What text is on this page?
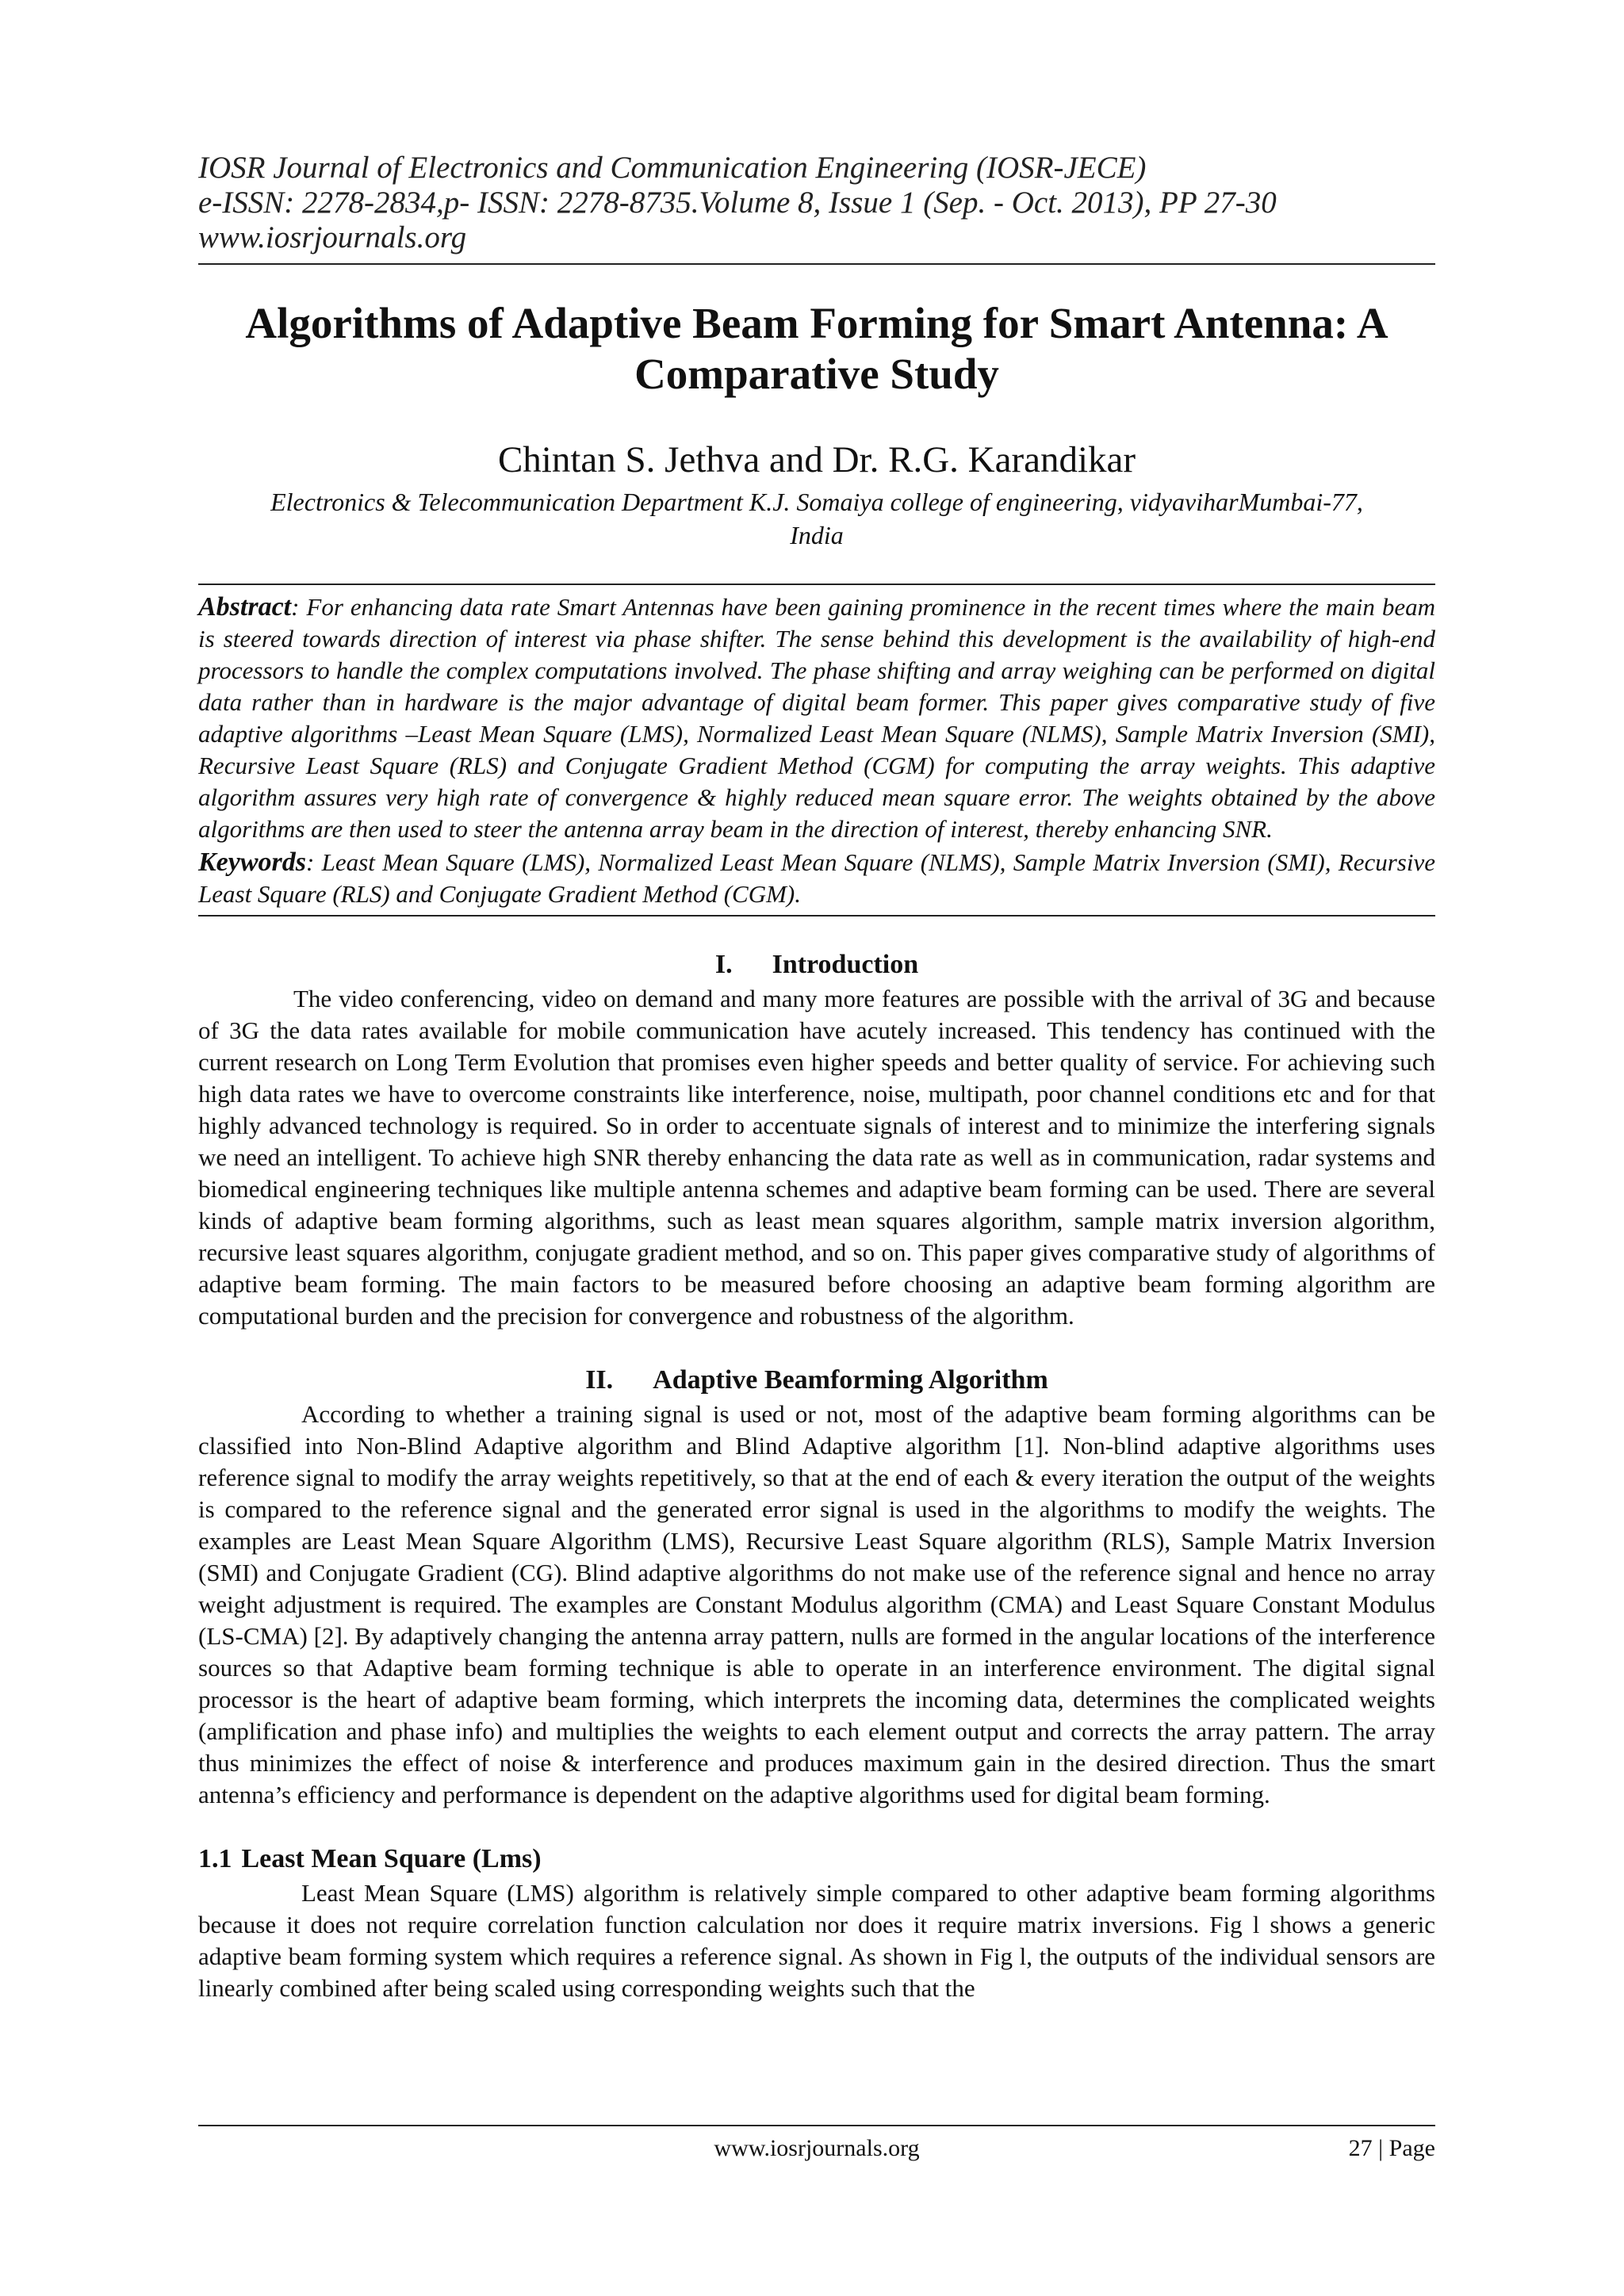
IOSR Journal of Electronics and Communication Engineering (IOSR-JECE)
e-ISSN: 2278-2834,p- ISSN: 2278-8735.Volume 8, Issue 1 (Sep. - Oct. 2013), PP 27-30
www.iosrjournals.org
Algorithms of Adaptive Beam Forming for Smart Antenna: A
Comparative Study
Chintan S. Jethva and Dr. R.G. Karandikar
Electronics & Telecommunication Department K.J. Somaiya college of engineering, vidyaviharMumbai-77,
India
Abstract: For enhancing data rate Smart Antennas have been gaining prominence in the recent times where the main beam is steered towards direction of interest via phase shifter. The sense behind this development is the availability of high-end processors to handle the complex computations involved. The phase shifting and array weighing can be performed on digital data rather than in hardware is the major advantage of digital beam former. This paper gives comparative study of five adaptive algorithms –Least Mean Square (LMS), Normalized Least Mean Square (NLMS), Sample Matrix Inversion (SMI), Recursive Least Square (RLS) and Conjugate Gradient Method (CGM) for computing the array weights. This adaptive algorithm assures very high rate of convergence & highly reduced mean square error. The weights obtained by the above algorithms are then used to steer the antenna array beam in the direction of interest, thereby enhancing SNR.
Keywords: Least Mean Square (LMS), Normalized Least Mean Square (NLMS), Sample Matrix Inversion (SMI), Recursive Least Square (RLS) and Conjugate Gradient Method (CGM).
I. Introduction

The video conferencing, video on demand and many more features are possible with the arrival of 3G and because of 3G the data rates available for mobile communication have acutely increased. This tendency has continued with the current research on Long Term Evolution that promises even higher speeds and better quality of service. For achieving such high data rates we have to overcome constraints like interference, noise, multipath, poor channel conditions etc and for that highly advanced technology is required. So in order to accentuate signals of interest and to minimize the interfering signals we need an intelligent. To achieve high SNR thereby enhancing the data rate as well as in communication, radar systems and biomedical engineering techniques like multiple antenna schemes and adaptive beam forming can be used. There are several kinds of adaptive beam forming algorithms, such as least mean squares algorithm, sample matrix inversion algorithm, recursive least squares algorithm, conjugate gradient method, and so on. This paper gives comparative study of algorithms of adaptive beam forming. The main factors to be measured before choosing an adaptive beam forming algorithm are computational burden and the precision for convergence and robustness of the algorithm.

II. Adaptive Beamforming Algorithm

According to whether a training signal is used or not, most of the adaptive beam forming algorithms can be classified into Non-Blind Adaptive algorithm and Blind Adaptive algorithm [1]. Non-blind adaptive algorithms uses reference signal to modify the array weights repetitively, so that at the end of each & every iteration the output of the weights is compared to the reference signal and the generated error signal is used in the algorithms to modify the weights. The examples are Least Mean Square Algorithm (LMS), Recursive Least Square algorithm (RLS), Sample Matrix Inversion (SMI) and Conjugate Gradient (CG). Blind adaptive algorithms do not make use of the reference signal and hence no array weight adjustment is required. The examples are Constant Modulus algorithm (CMA) and Least Square Constant Modulus (LS-CMA) [2]. By adaptively changing the antenna array pattern, nulls are formed in the angular locations of the interference sources so that Adaptive beam forming technique is able to operate in an interference environment. The digital signal processor is the heart of adaptive beam forming, which interprets the incoming data, determines the complicated weights (amplification and phase info) and multiplies the weights to each element output and corrects the array pattern. The array thus minimizes the effect of noise & interference and produces maximum gain in the desired direction. Thus the smart antenna’s efficiency and performance is dependent on the adaptive algorithms used for digital beam forming.

1.1 Least Mean Square (Lms)

Least Mean Square (LMS) algorithm is relatively simple compared to other adaptive beam forming algorithms because it does not require correlation function calculation nor does it require matrix inversions. Fig l shows a generic adaptive beam forming system which requires a reference signal. As shown in Fig l, the outputs of the individual sensors are linearly combined after being scaled using corresponding weights such that the

www.iosrjournals.org	27 | Page
